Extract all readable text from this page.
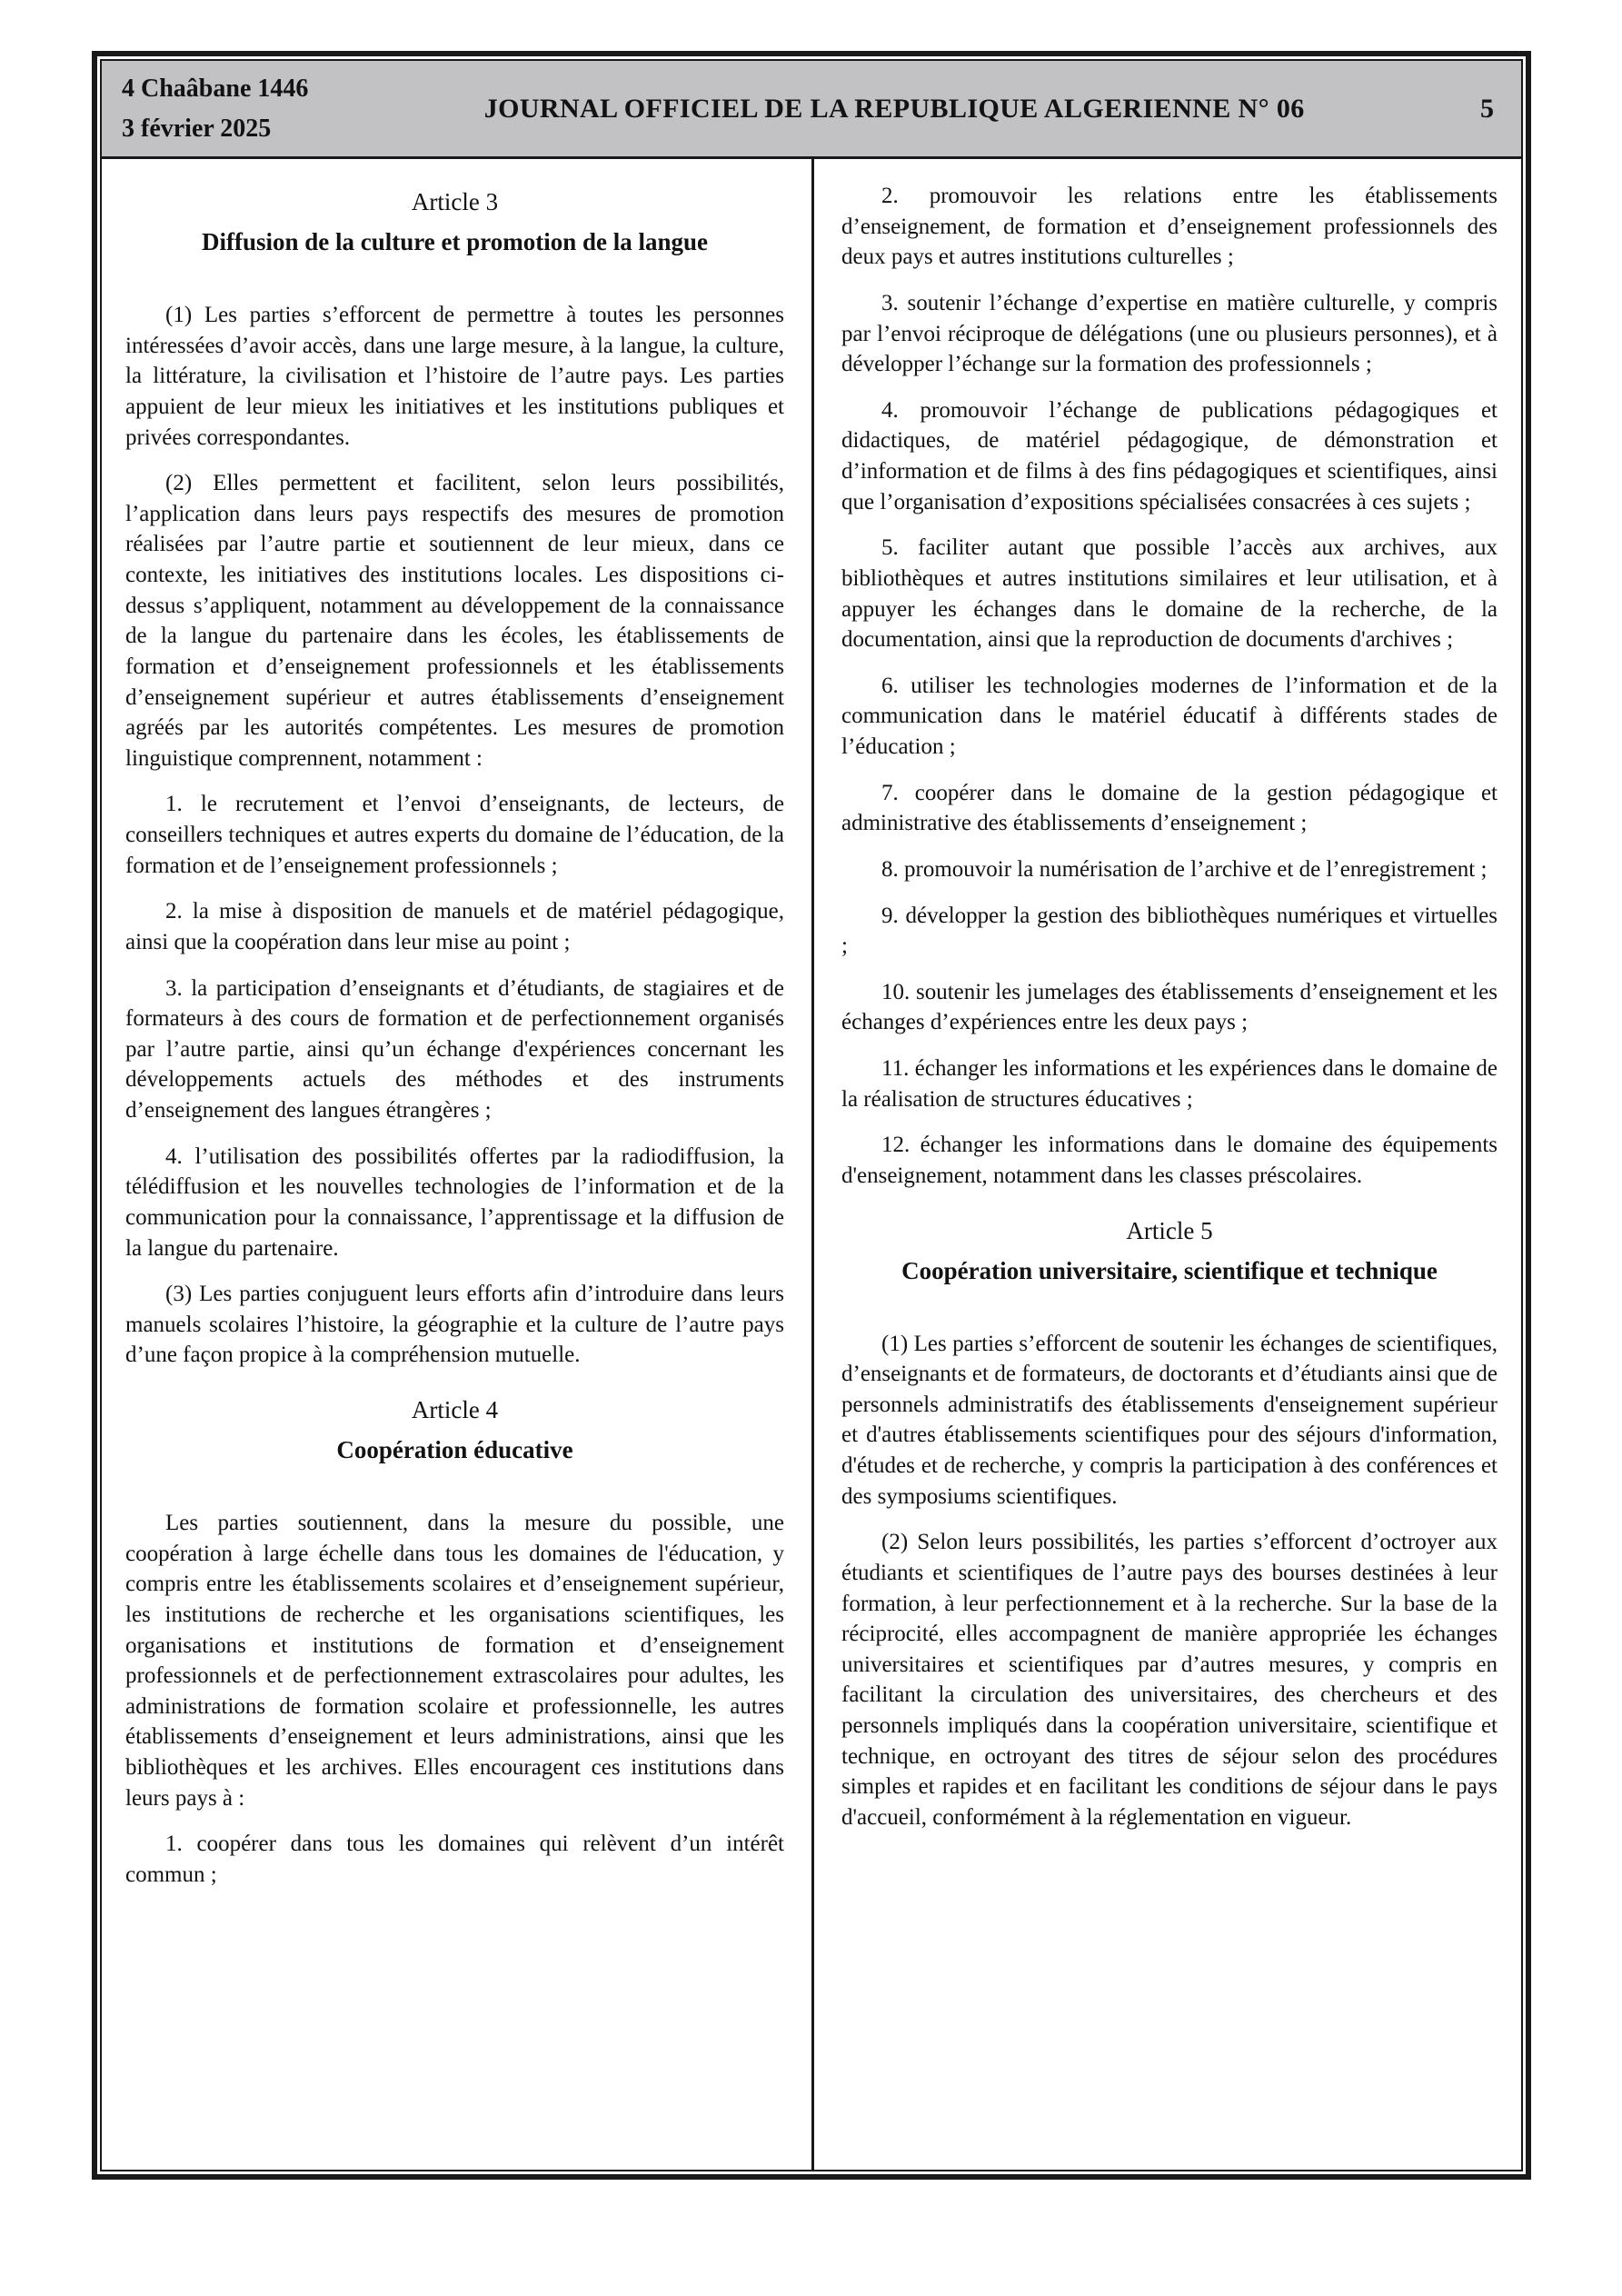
4 Chaâbane 1446
3 février 2025
JOURNAL OFFICIEL DE LA REPUBLIQUE ALGERIENNE N° 06	5
Article 3
Diffusion de la culture et promotion de la langue

(1) Les parties s’efforcent de permettre à toutes les personnes intéressées d’avoir accès, dans une large mesure, à la langue, la culture, la littérature, la civilisation et l’histoire de l’autre pays. Les parties appuient de leur mieux les initiatives et les institutions publiques et privées correspondantes.

(2) Elles permettent et facilitent, selon leurs possibilités, l’application dans leurs pays respectifs des mesures de promotion réalisées par l’autre partie et soutiennent de leur mieux, dans ce contexte, les initiatives des institutions locales. Les dispositions ci-dessus s’appliquent, notamment au développement de la connaissance de la langue du partenaire dans les écoles, les établissements de formation et d’enseignement professionnels et les établissements d’enseignement supérieur et autres établissements d’enseignement agréés par les autorités compétentes. Les mesures de promotion linguistique comprennent, notamment :

1. le recrutement et l’envoi d’enseignants, de lecteurs, de conseillers techniques et autres experts du domaine de l’éducation, de la formation et de l’enseignement professionnels ;

2. la mise à disposition de manuels et de matériel pédagogique, ainsi que la coopération dans leur mise au point ;

3. la participation d’enseignants et d’étudiants, de stagiaires et de formateurs à des cours de formation et de perfectionnement organisés par l’autre partie, ainsi qu’un échange d'expériences concernant les développements actuels des méthodes et des instruments d’enseignement des langues étrangères ;

4. l’utilisation des possibilités offertes par la radiodiffusion, la télédiffusion et les nouvelles technologies de l’information et de la communication pour la connaissance, l’apprentissage et la diffusion de la langue du partenaire.

(3) Les parties conjuguent leurs efforts afin d’introduire dans leurs manuels scolaires l’histoire, la géographie et la culture de l’autre pays d’une façon propice à la compréhension mutuelle.

Article 4
Coopération éducative

Les parties soutiennent, dans la mesure du possible, une coopération à large échelle dans tous les domaines de l'éducation, y compris entre les établissements scolaires et d’enseignement supérieur, les institutions de recherche et les organisations scientifiques, les organisations et institutions de formation et d’enseignement professionnels et de perfectionnement extrascolaires pour adultes, les administrations de formation scolaire et professionnelle, les autres établissements d’enseignement et leurs administrations, ainsi que les bibliothèques et les archives. Elles encouragent ces institutions dans leurs pays à :

1. coopérer dans tous les domaines qui relèvent d’un intérêt commun ;

2. promouvoir les relations entre les établissements d’enseignement, de formation et d’enseignement professionnels des deux pays et autres institutions culturelles ;

3. soutenir l’échange d’expertise en matière culturelle, y compris par l’envoi réciproque de délégations (une ou plusieurs personnes), et à développer l’échange sur la formation des professionnels ;

4. promouvoir l’échange de publications pédagogiques et didactiques, de matériel pédagogique, de démonstration et d’information et de films à des fins pédagogiques et scientifiques, ainsi que l’organisation d’expositions spécialisées consacrées à ces sujets ;

5. faciliter autant que possible l’accès aux archives, aux bibliothèques et autres institutions similaires et leur utilisation, et à appuyer les échanges dans le domaine de la recherche, de la documentation, ainsi que la reproduction de documents d'archives ;

6. utiliser les technologies modernes de l’information et de la communication dans le matériel éducatif à différents stades de l’éducation ;

7. coopérer dans le domaine de la gestion pédagogique et administrative des établissements d’enseignement ;

8. promouvoir la numérisation de l’archive et de l’enregistrement ;

9. développer la gestion des bibliothèques numériques et virtuelles ;

10. soutenir les jumelages des établissements d’enseignement et les échanges d’expériences entre les deux pays ;

11. échanger les informations et les expériences dans le domaine de la réalisation de structures éducatives ;

12. échanger les informations dans le domaine des équipements d'enseignement, notamment dans les classes préscolaires.

Article 5
Coopération universitaire, scientifique et technique

(1) Les parties s’efforcent de soutenir les échanges de scientifiques, d’enseignants et de formateurs, de doctorants et d’étudiants ainsi que de personnels administratifs des établissements d'enseignement supérieur et d'autres établissements scientifiques pour des séjours d'information, d'études et de recherche, y compris la participation à des conférences et des symposiums scientifiques.

(2) Selon leurs possibilités, les parties s’efforcent d’octroyer aux étudiants et scientifiques de l’autre pays des bourses destinées à leur formation, à leur perfectionnement et à la recherche. Sur la base de la réciprocité, elles accompagnent de manière appropriée les échanges universitaires et scientifiques par d’autres mesures, y compris en facilitant la circulation des universitaires, des chercheurs et des personnels impliqués dans la coopération universitaire, scientifique et technique, en octroyant des titres de séjour selon des procédures simples et rapides et en facilitant les conditions de séjour dans le pays d'accueil, conformément à la réglementation en vigueur.
